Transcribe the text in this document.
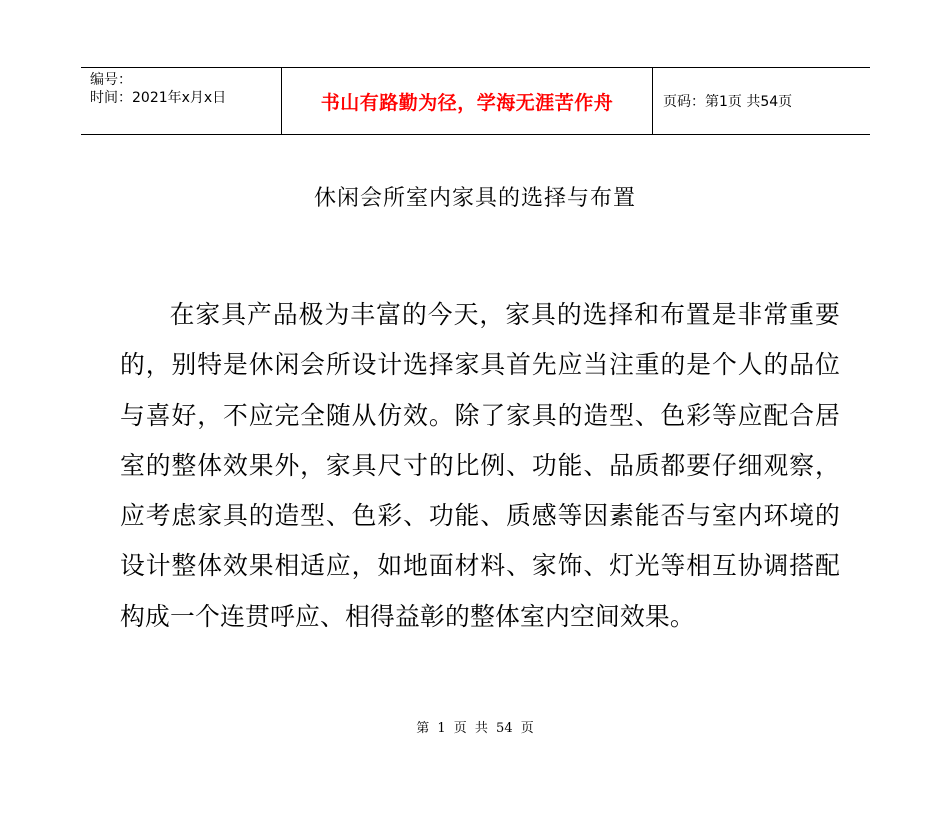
编号：
时间：2021年x月x日	书山有路勤为径，学海无涯苦作舟	页码：第1页 共54页
休闲会所室内家具的选择与布置

在家具产品极为丰富的今天，家具的选择和布置是非常重要的，别特是休闲会所设计选择家具首先应当注重的是个人的品位与喜好，不应完全随从仿效。除了家具的造型、色彩等应配合居室的整体效果外，家具尺寸的比例、功能、品质都要仔细观察，应考虑家具的造型、色彩、功能、质感等因素能否与室内环境的设计整体效果相适应，如地面材料、家饰、灯光等相互协调搭配构成一个连贯呼应、相得益彰的整体室内空间效果。

第 1 页 共 54 页
